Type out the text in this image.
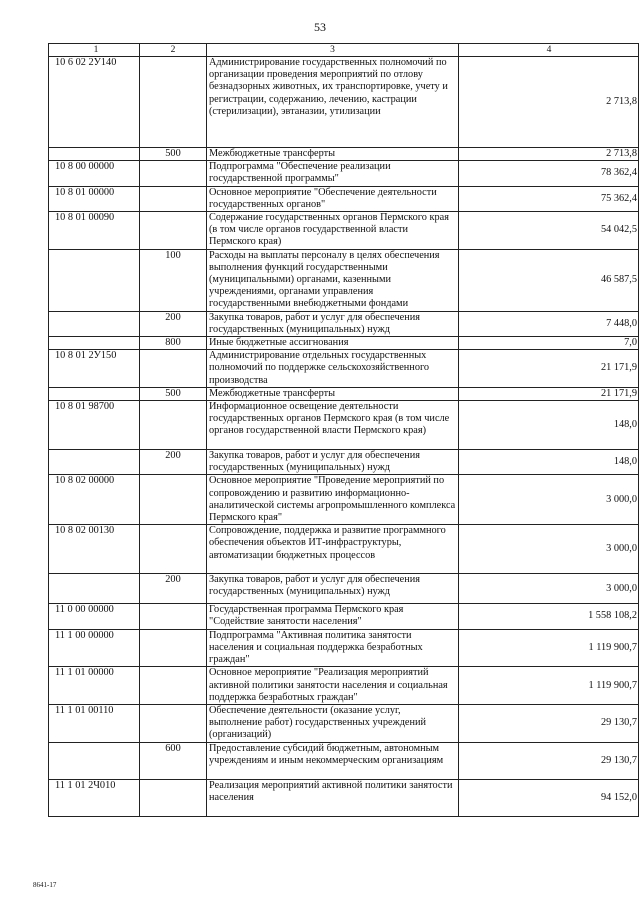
53
1	2	3	4
10 6 02 2У140		Администрирование государственных полномочий по организации проведения мероприятий по отлову безнадзорных животных, их транспортировке, учету и регистрации, содержанию, лечению, кастрации (стерилизации), эвтаназии, утилизации	2 713,8
	500	Межбюджетные трансферты	2 713,8
10 8 00 00000		Подпрограмма "Обеспечение реализации государственной программы"	78 362,4
10 8 01 00000		Основное мероприятие "Обеспечение деятельности государственных органов"	75 362,4
10 8 01 00090		Содержание государственных органов Пермского края (в том числе органов государственной власти Пермского края)	54 042,5
	100	Расходы на выплаты персоналу в целях обеспечения выполнения функций государственными (муниципальными) органами, казенными учреждениями, органами управления государственными внебюджетными фондами	46 587,5
	200	Закупка товаров, работ и услуг для обеспечения государственных (муниципальных) нужд	7 448,0
	800	Иные бюджетные ассигнования	7,0
10 8 01 2У150		Администрирование отдельных государственных полномочий по поддержке сельскохозяйственного производства	21 171,9
	500	Межбюджетные трансферты	21 171,9
10 8 01 98700		Информационное освещение деятельности государственных органов Пермского края (в том числе органов государственной власти Пермского края)	148,0
	200	Закупка товаров, работ и услуг для обеспечения государственных (муниципальных) нужд	148,0
10 8 02 00000		Основное мероприятие "Проведение мероприятий по сопровождению и развитию информационно-аналитической системы агропромышленного комплекса Пермского края"	3 000,0
10 8 02 00130		Сопровождение, поддержка и развитие программного обеспечения объектов ИТ-инфраструктуры, автоматизации бюджетных процессов	3 000,0
	200	Закупка товаров, работ и услуг для обеспечения государственных (муниципальных) нужд	3 000,0
11 0 00 00000		Государственная программа Пермского края "Содействие занятости населения"	1 558 108,2
11 1 00 00000		Подпрограмма "Активная политика занятости населения и социальная поддержка безработных граждан"	1 119 900,7
11 1 01 00000		Основное мероприятие "Реализация мероприятий активной политики занятости населения и социальная поддержка безработных граждан"	1 119 900,7
11 1 01 00110		Обеспечение деятельности (оказание услуг, выполнение работ) государственных учреждений (организаций)	29 130,7
	600	Предоставление субсидий бюджетным, автономным учреждениям и иным некоммерческим организациям	29 130,7
11 1 01 2Ч010		Реализация мероприятий активной политики занятости населения	94 152,0
8641-17
